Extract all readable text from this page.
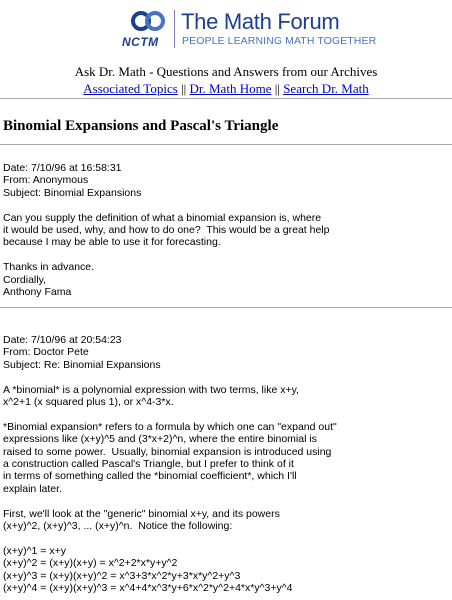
NCTM
The Math Forum
PEOPLE LEARNING MATH TOGETHER
Ask Dr. Math - Questions and Answers from our Archives
Associated Topics || Dr. Math Home || Search Dr. Math
Binomial Expansions and Pascal's Triangle
Date: 7/10/96 at 16:58:31
From: Anonymous
Subject: Binomial Expansions

Can you supply the definition of what a binomial expansion is, where
it would be used, why, and how to do one?  This would be a great help
because I may be able to use it for forecasting.

Thanks in advance.
Cordially,
Anthony Fama
Date: 7/10/96 at 20:54:23
From: Doctor Pete
Subject: Re: Binomial Expansions

A *binomial* is a polynomial expression with two terms, like x+y,
x^2+1 (x squared plus 1), or x^4-3*x.

*Binomial expansion* refers to a formula by which one can "expand out"
expressions like (x+y)^5 and (3*x+2)^n, where the entire binomial is
raised to some power.  Usually, binomial expansion is introduced using
a construction called Pascal's Triangle, but I prefer to think of it
in terms of something called the *binomial coefficient*, which I'll
explain later.

First, we'll look at the "generic" binomial x+y, and its powers
(x+y)^2, (x+y)^3, ... (x+y)^n.  Notice the following:

(x+y)^1 = x+y
(x+y)^2 = (x+y)(x+y) = x^2+2*x*y+y^2
(x+y)^3 = (x+y)(x+y)^2 = x^3+3*x^2*y+3*x*y^2+y^3
(x+y)^4 = (x+y)(x+y)^3 = x^4+4*x^3*y+6*x^2*y^2+4*x*y^3+y^4
